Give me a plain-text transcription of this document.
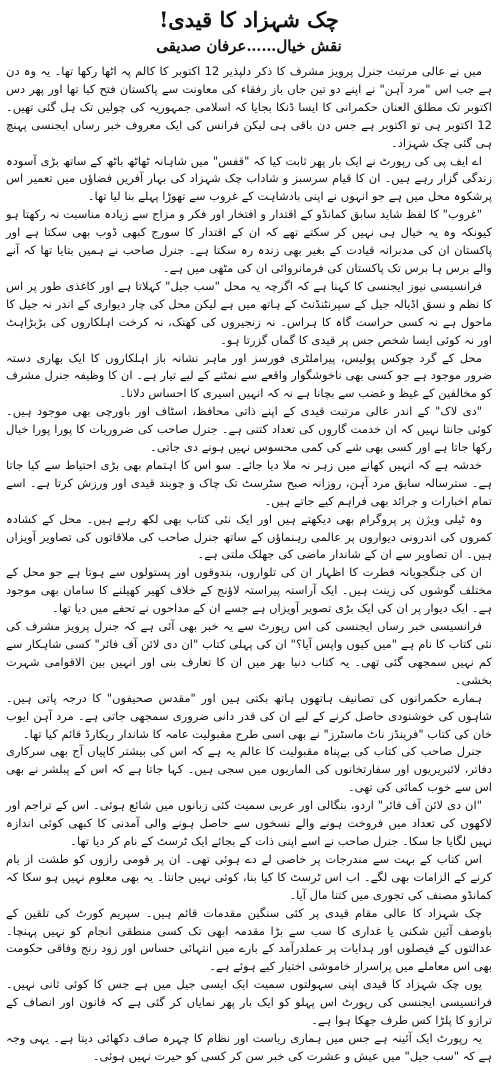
چک شہزاد کا قیدی!
نقش خیال……عرفان صدیقی

میں نے عالی مرتبت جنرل پرویز مشرف کا ذکر دلپذیر 12 اکتوبر کا کالم پہ اٹھا رکھا تھا۔ یہ وہ دن ہے جب اس "مرد آہن" نے اپنے دو تین جاں باز رفقاء کی معاونت سے پاکستان فتح کیا تھا اور پھر دس اکتوبر تک مطلق العنان حکمرانی کا ایسا ڈنکا بجایا کہ اسلامی جمہوریہ کی چولیں تک ہل گئی تھیں۔ 12 اکتوبر ہی تو اکتوبر ہے جس دن باقی ہی لیکن فرانس کی ایک معروف خبر رساں ایجنسی پہنچ ہی گئی چک شہزاد۔

اے ایف پی کی رپورٹ نے ایک بار پھر ثابت کیا کہ "قفس" میں شاہانہ ٹھاٹھ باٹھ کے ساتھ بڑی آسودہ زندگی گزار رہے ہیں۔ ان کا قیام سرسبز و شاداب چک شہزاد کی بہار آفریں فضاؤں میں تعمیر اس پرشکوہ محل میں ہے جو انہوں نے اپنی بادشاہت کے غروب سے تھوڑا پہلے بنا لیا تھا۔

"غروب" کا لفظ شاید سابق کمانڈو کے اقتدار و افتخار اور فکر و مزاج سے زیادہ مناسبت نہ رکھتا ہو کیونکہ وہ یہ خیال ہی نہیں کر سکتے تھے کہ ان کے اقتدار کا سورج کبھی ڈوب بھی سکتا ہے اور پاکستان ان کی مدبرانہ قیادت کے بغیر بھی زندہ رہ سکتا ہے۔ جنرل صاحب نے ہمیں بتایا تھا کہ آنے والے برس ہا برس تک پاکستان کی فرمانروائی ان کی مٹھی میں ہے۔

فرانسیسی نیوز ایجنسی کا کہنا ہے کہ اگرچہ یہ محل "سب جیل" کہلاتا ہے اور کاغذی طور پر اس کا نظم و نسق اڈیالہ جیل کے سپرنٹنڈنٹ کے ہاتھ میں ہے لیکن محل کی چار دیواری کے اندر نہ جیل کا ماحول ہے نہ کسی حراست گاہ کا ہراس۔ نہ زنجیروں کی کھنک، نہ کرخت اہلکاروں کی بڑبڑاہٹ اور نہ کوئی ایسا شخص جس پر قیدی کا گماں گزرتا ہو۔

محل کے گرد چوکس پولیس، پیراملٹری فورسز اور ماہر نشانہ باز اہلکاروں کا ایک بھاری دستہ ضرور موجود ہے جو کسی بھی ناخوشگوار واقعے سے نمٹنے کے لیے تیار ہے۔ ان کا وظیفہ جنرل مشرف کو مخالفین کے غیظ و غضب سے بچانا ہے نہ کہ انہیں اسیری کا احساس دلانا۔

"دی لاک" کے اندر عالی مرتبت قیدی کے اپنے ذاتی محافظ، اسٹاف اور باورچی بھی موجود ہیں۔ کوئی جانتا نہیں کہ ان خدمت گاروں کی تعداد کتنی ہے۔ جنرل صاحب کی ضروریات کا پورا پورا خیال رکھا جاتا ہے اور کسی بھی شے کی کمی محسوس نہیں ہونے دی جاتی۔

خدشہ ہے کہ انہیں کھانے میں زہر نہ ملا دیا جائے۔ سو اس کا اہتمام بھی بڑی احتیاط سے کیا جاتا ہے۔ سترسالہ سابق مرد آہن، روزانہ صبح سٹرسٹ تک چاک و چوبند قیدی اور ورزش کرتا ہے۔ اسے تمام اخبارات و جرائد بھی فراہم کیے جاتے ہیں۔

وہ ٹیلی ویژن پر پروگرام بھی دیکھتے ہیں اور ایک نئی کتاب بھی لکھ رہے ہیں۔ محل کے کشادہ کمروں کی اندرونی دیواروں پر عالمی رہنماؤں کے ساتھ جنرل صاحب کی ملاقاتوں کی تصاویر آویزاں ہیں۔ ان تصاویر سے ان کے شاندار ماضی کی جھلک ملتی ہے۔

ان کی جنگجویانہ فطرت کا اظہار ان کی تلواروں، بندوقوں اور پستولوں سے ہوتا ہے جو محل کے مختلف گوشوں کی زینت ہیں۔ ایک آراستہ پیراستہ لاؤنج کے خلاف کھیر کھیلنے کا سامان بھی موجود ہے۔ ایک دیوار پر ان کی ایک بڑی تصویر آویزاں ہے جسے ان کے مداحوں نے تحفے میں دیا تھا۔

فرانسیسی خبر رساں ایجنسی کی اس رپورٹ سے یہ خبر بھی آئی ہے کہ جنرل پرویز مشرف کی نئی کتاب کا نام ہے "میں کیوں واپس آیا؟" ان کی پہلی کتاب "ان دی لائن آف فائر" کسی شاہکار سے کم نہیں سمجھی گئی تھی۔ یہ کتاب دنیا بھر میں ان کا تعارف بنی اور انہیں بین الاقوامی شہرت بخشی۔

ہمارے حکمرانوں کی تصانیف ہاتھوں ہاتھ بکتی ہیں اور "مقدس صحیفوں" کا درجہ پاتی ہیں۔ شاہوں کی خوشنودی حاصل کرنے کے لیے ان کی قدر دانی ضروری سمجھی جاتی ہے۔ مرد آہن ایوب خان کی کتاب "فرینڈز ناٹ ماسٹرز" نے بھی اسی طرح مقبولیت عامہ کا شاندار ریکارڈ قائم کیا تھا۔

جنرل صاحب کی کتاب کی بےپناہ مقبولیت کا عالم یہ ہے کہ اس کی بیشتر کاپیاں آج بھی سرکاری دفاتر، لائبریریوں اور سفارتخانوں کی الماریوں میں سجی ہیں۔ کہا جاتا ہے کہ اس کے پبلشر نے بھی اس سے خوب کمائی کی تھی۔

"ان دی لائن آف فائر" اردو، بنگالی اور عربی سمیت کئی زبانوں میں شائع ہوئی۔ اس کے تراجم اور لاکھوں کی تعداد میں فروخت ہونے والے نسخوں سے حاصل ہونے والی آمدنی کا کبھی کوئی اندازہ نہیں لگایا جا سکا۔ جنرل صاحب نے اسے اپنی ذات کے بجائے ایک ٹرسٹ کے نام کر دیا تھا۔

اس کتاب کے بہت سے مندرجات پر خاصی لے دے ہوئی تھی۔ ان پر قومی رازوں کو طشت از بام کرنے کے الزامات بھی لگے۔ اب اس ٹرسٹ کا کیا بنا، کوئی نہیں جانتا۔ یہ بھی معلوم نہیں ہو سکا کہ کمانڈو مصنف کی تجوری میں کتنا مال آیا۔

چک شہزاد کا عالی مقام قیدی پر کئی سنگین مقدمات قائم ہیں۔ سپریم کورٹ کی تلقین کے باوصف آئین شکنی یا غداری کا سب سے بڑا مقدمہ ابھی تک کسی منطقی انجام کو نہیں پہنچا۔ عدالتوں کے فیصلوں اور ہدایات پر عملدرآمد کے بارے میں انتہائی حساس اور زود رنج وفاقی حکومت بھی اس معاملے میں پراسرار خاموشی اختیار کیے ہوئے ہے۔

یوں چک شہزاد کا قیدی اپنی سہولتوں سمیت ایک ایسی جیل میں ہے جس کا کوئی ثانی نہیں۔ فرانسیسی ایجنسی کی رپورٹ اس پہلو کو ایک بار پھر نمایاں کر گئی ہے کہ قانون اور انصاف کے ترازو کا پلڑا کس طرف جھکا ہوا ہے۔

یہ رپورٹ ایک آئینہ ہے جس میں ہماری ریاست اور نظام کا چہرہ صاف دکھائی دیتا ہے۔ یہی وجہ ہے کہ "سب جیل" میں عیش و عشرت کی خبر سن کر کسی کو حیرت نہیں ہوئی۔
